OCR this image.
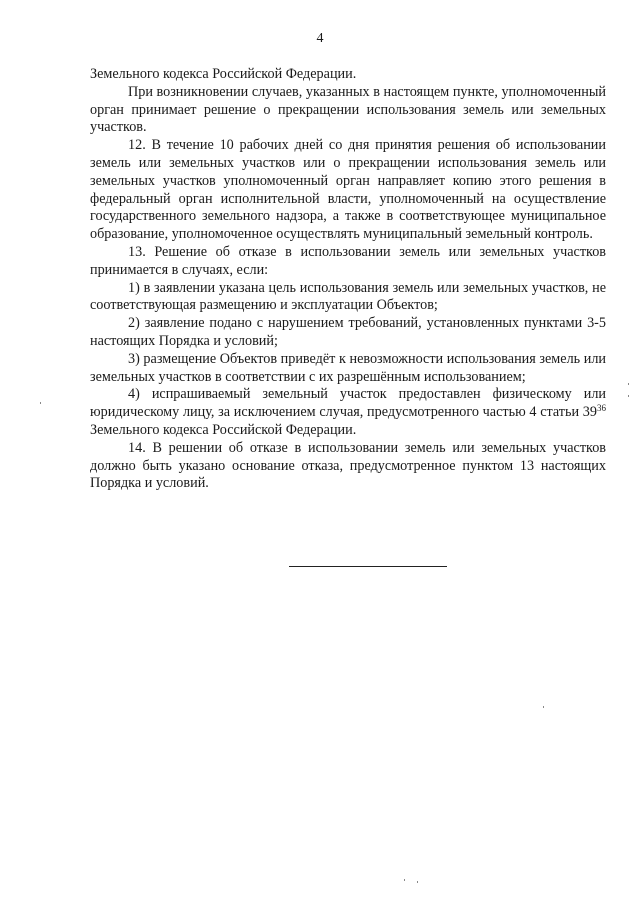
4

Земельного кодекса Российской Федерации.

При возникновении случаев, указанных в настоящем пункте, уполномоченный орган принимает решение о прекращении использования земель или земельных участков.

12. В течение 10 рабочих дней со дня принятия решения об использовании земель или земельных участков или о прекращении использования земель или земельных участков уполномоченный орган направляет копию этого решения в федеральный орган исполнительной власти, уполномоченный на осуществление государственного земельного надзора, а также в соответствующее муниципальное образование, уполномоченное осуществлять муниципальный земельный контроль.

13. Решение об отказе в использовании земель или земельных участков принимается в случаях, если:

1) в заявлении указана цель использования земель или земельных участков, не соответствующая размещению и эксплуатации Объектов;

2) заявление подано с нарушением требований, установленных пунктами 3-5 настоящих Порядка и условий;

3) размещение Объектов приведёт к невозможности использования земель или земельных участков в соответствии с их разрешённым использованием;

4) испрашиваемый земельный участок предоставлен физическому или юридическому лицу, за исключением случая, предусмотренного частью 4 статьи $39^{36}$ Земельного кодекса Российской Федерации.

14. В решении об отказе в использовании земель или земельных участков должно быть указано основание отказа, предусмотренное пунктом 13 настоящих Порядка и условий.
